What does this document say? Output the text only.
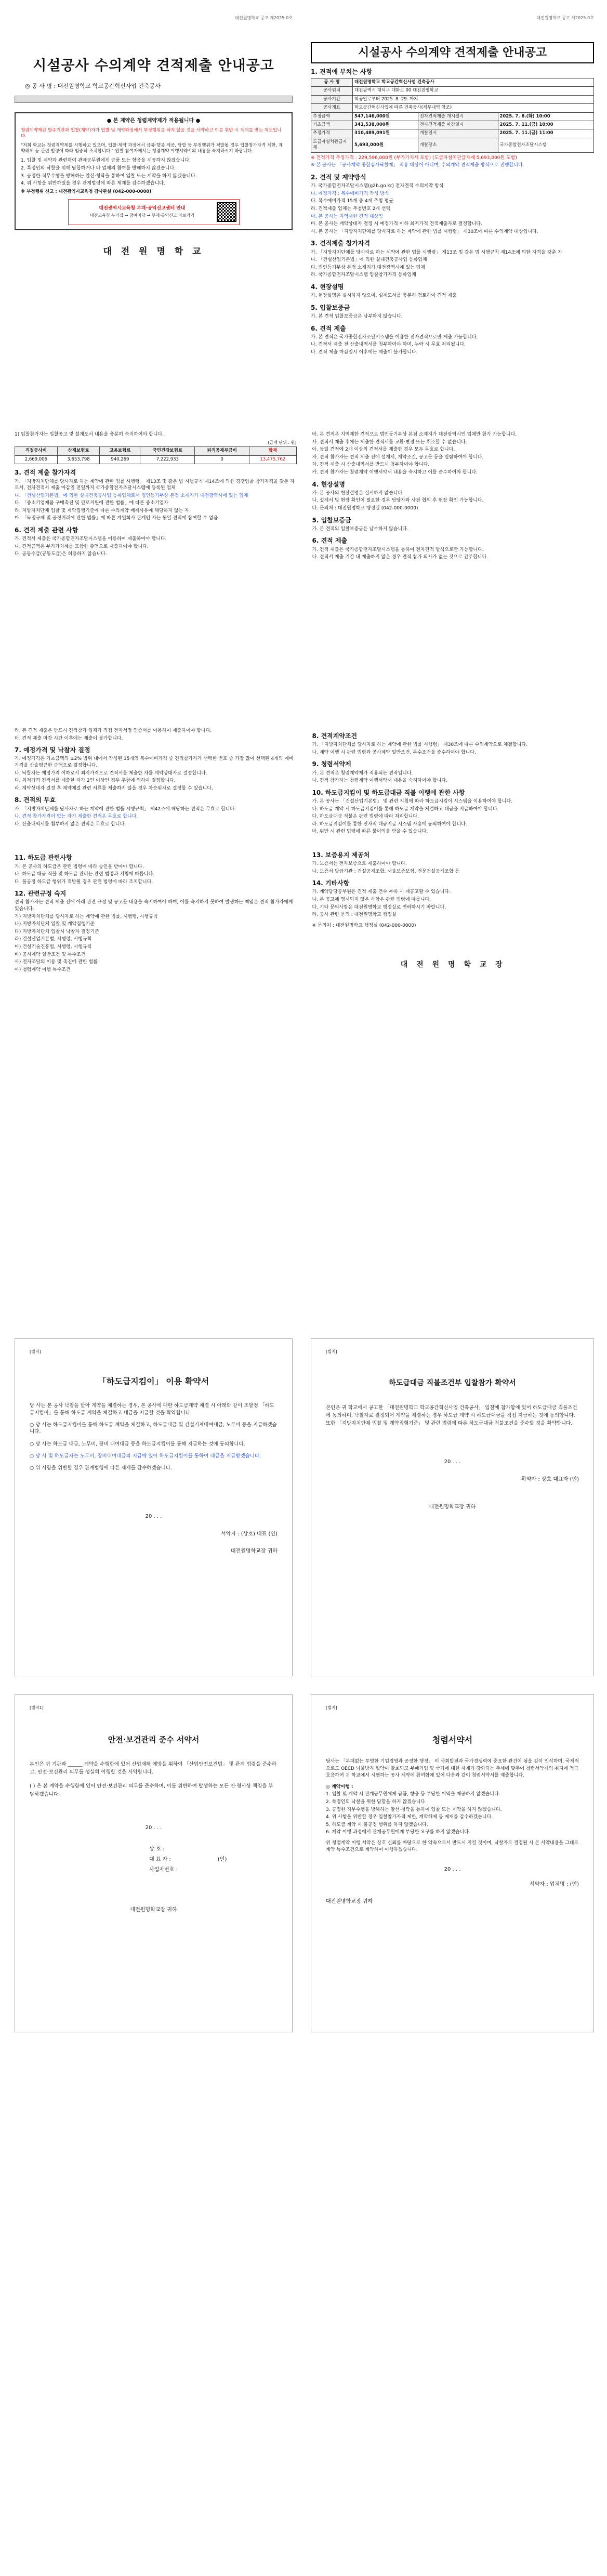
대전원명학교 공고 제2025-0호
시설공사 수의계약 견적제출 안내공고
◎ 공 사 명 : 대전원명학교 학교공간혁신사업 건축공사
● 본 계약은 청렴계약제가 적용됩니다 ●
청렴계약제란 발주기관과 입찰(계약)자가 입찰 및 계약과정에서 부정행위를 하지 않을 것을 서약하고 이를 위반 시 제재를 받는 제도입니다.
"저희 학교는 청렴계약제를 시행하고 있으며, 입찰·계약 과정에서 금품·향응 제공, 담합 등 부정행위가 적발될 경우 입찰참가자격 제한, 계약해제 등 관련 법령에 따라 엄중히 조치합니다." 입찰 참여자께서는 청렴계약 이행서약서의 내용을 숙지하시기 바랍니다.
1. 입찰 및 계약과 관련하여 관계공무원에게 금품 또는 향응을 제공하지 않겠습니다.
2. 특정인의 낙찰을 위해 담합하거나 타 업체의 참여를 방해하지 않겠습니다.
3. 공정한 직무수행을 방해하는 알선·청탁을 통하여 입찰 또는 계약을 하지 않겠습니다.
4. 위 사항을 위반하였을 경우 관계법령에 따른 제재를 감수하겠습니다.
※ 부정행위 신고 : 대전광역시교육청 감사관실 (042-000-0000)
대전광역시교육청 부패·공익신고센터 안내
대전교육청 누리집 → 참여마당 → 부패·공익신고 바로가기
대 전 원 명 학 교
대전원명학교 공고 제2025-0호
시설공사 수의계약 견적제출 안내공고
1. 견적에 부치는 사항
공 사 명	대전원명학교 학교공간혁신사업 건축공사
공사위치	대전광역시 대덕구 대화로 00 대전원명학교
공사기간	착공일로부터 2025. 8. 29. 까지
공사개요	학교공간혁신사업에 따른 건축공사(세부내역 참조)
추정금액	547,146,000원	전자견적제출 개시일시	2025. 7. 8.(화) 10:00
기초금액	341,538,000원	전자견적제출 마감일시	2025. 7. 11.(금) 10:00
추정가격	310,489,091원	개찰일시	2025. 7. 11.(금) 11:00
도급자설치관급자재	5,693,000원	개찰장소	국가종합전자조달시스템
※ 견적가격 추정가격 : 229,596,000원 (부가가치세 포함) (도급자설치관급자재 5,693,000원 포함)
※ 본 공사는 「공사계약 종합심사낙찰제」 적용 대상이 아니며, 수의계약 견적제출 방식으로 진행합니다.
2. 견적 및 계약방식
가. 국가종합전자조달시스템(g2b.go.kr) 전자견적 수의계약 방식
나. 예정가격 : 복수예비가격 작성 방식
다. 복수예비가격 15개 중 4개 추첨 평균
라. 견적제출 업체는 추첨번호 2개 선택
마. 본 공사는 지역제한 견적 대상임
바. 본 공사는 계약상대자 결정 시 예정가격 이하 최저가격 견적제출자로 결정합니다.
사. 본 공사는 「지방자치단체를 당사자로 하는 계약에 관한 법률 시행령」 제30조에 따른 수의계약 대상입니다.
3. 견적제출 참가자격
가. 「지방자치단체를 당사자로 하는 계약에 관한 법률 시행령」 제13조 및 같은 법 시행규칙 제14조에 의한 자격을 갖춘 자
나. 「건설산업기본법」에 의한 실내건축공사업 등록업체
다. 법인등기부상 본점 소재지가 대전광역시에 있는 업체
라. 국가종합전자조달시스템 입찰참가자격 등록업체
4. 현장설명
가. 현장설명은 실시하지 않으며, 설계도서를 충분히 검토하여 견적 제출
5. 입찰보증금
가. 본 견적 입찰보증금은 납부하지 않습니다.
6. 견적 제출
가. 본 견적은 국가종합전자조달시스템을 이용한 전자견적으로만 제출 가능합니다.
나. 견적서 제출 전 산출내역서를 첨부하여야 하며, 누락 시 무효 처리됩니다.
다. 견적 제출 마감일시 이후에는 제출이 불가합니다.
1) 입찰참가자는 입찰공고 및 설계도서 내용을 충분히 숙지하여야 합니다.
(금액 단위 : 원)
직접공사비	산재보험료	고용보험료	국민건강보험료	퇴직공제부금비	합계
2,669,006	3,653,798	940,269	7,222,933	0	13,475,762
3. 견적 제출 참가자격
가. 「지방자치단체를 당사자로 하는 계약에 관한 법률 시행령」 제13조 및 같은 법 시행규칙 제14조에 의한 경쟁입찰 참가자격을 갖춘 자로서, 전자견적서 제출 마감일 전일까지 국가종합전자조달시스템에 등록된 업체
나. 「건설산업기본법」에 의한 실내건축공사업 등록업체로서 법인등기부상 본점 소재지가 대전광역시에 있는 업체
다. 「중소기업제품 구매촉진 및 판로지원에 관한 법률」에 따른 중소기업자
라. 지방자치단체 입찰 및 계약집행기준에 따른 수의계약 배제사유에 해당하지 않는 자
마. 「독점규제 및 공정거래에 관한 법률」에 따른 계열회사 관계인 자는 동일 견적에 참여할 수 없음
6. 견적 제출 관련 사항
가. 견적서 제출은 국가종합전자조달시스템을 이용하여 제출하여야 합니다.
나. 견적금액은 부가가치세를 포함한 총액으로 제출하여야 합니다.
다. 공동수급(공동도급)은 허용하지 않습니다.
바. 본 견적은 지역제한 견적으로 법인등기부상 본점 소재지가 대전광역시인 업체만 참가 가능합니다.
사. 견적서 제출 후에는 제출한 견적서를 교환·변경 또는 취소할 수 없습니다.
아. 동일 견적에 2개 이상의 견적서를 제출한 경우 모두 무효로 합니다.
자. 견적 참가자는 견적 제출 전에 설계서, 계약조건, 공고문 등을 열람하여야 합니다.
차. 견적 제출 시 산출내역서를 반드시 첨부하여야 합니다.
카. 견적 참가자는 청렴계약 이행서약서 내용을 숙지하고 이를 준수하여야 합니다.
4. 현장설명
가. 본 공사의 현장설명은 실시하지 않습니다.
나. 설계서 및 현장 확인이 필요한 경우 담당자와 사전 협의 후 현장 확인 가능합니다.
다. 문의처 : 대전원명학교 행정실 (042-000-0000)
5. 입찰보증금
가. 본 견적의 입찰보증금은 납부하지 않습니다.
6. 견적 제출
가. 견적 제출은 국가종합전자조달시스템을 통하여 전자견적 방식으로만 가능합니다.
나. 견적서 제출 기간 내 제출하지 않은 경우 견적 참가 의사가 없는 것으로 간주합니다.
라. 본 견적 제출은 반드시 견적참가 업체가 직접 전자서명 인증서를 이용하여 제출하여야 합니다.
마. 견적 제출 마감 시간 이후에는 제출이 불가합니다.
7. 예정가격 및 낙찰자 결정
가. 예정가격은 기초금액의 ±2% 범위 내에서 작성된 15개의 복수예비가격 중 견적참가자가 선택한 번호 중 가장 많이 선택된 4개의 예비가격을 산술평균한 금액으로 결정합니다.
나. 낙찰자는 예정가격 이하로서 최저가격으로 견적서를 제출한 자를 계약상대자로 결정합니다.
다. 최저가격 견적서를 제출한 자가 2인 이상인 경우 추첨에 의하여 결정합니다.
라. 계약상대자 결정 후 계약체결 관련 서류를 제출하지 않을 경우 차순위자로 결정할 수 있습니다.
8. 견적의 무효
가. 「지방자치단체를 당사자로 하는 계약에 관한 법률 시행규칙」 제42조에 해당하는 견적은 무효로 합니다.
나. 견적 참가자격이 없는 자가 제출한 견적은 무효로 합니다.
다. 산출내역서를 첨부하지 않은 견적은 무효로 합니다.
11. 하도급 관련사항
가. 본 공사의 하도급은 관련 법령에 따라 승인을 받아야 합니다.
나. 하도급 대금 직불 및 하도급 관리는 관련 법령과 지침에 따릅니다.
다. 불공정 하도급 행위가 적발될 경우 관련 법령에 따라 조치합니다.
12. 관련규정 숙지
견적 참가자는 견적 제출 전에 아래 관련 규정 및 공고문 내용을 숙지하여야 하며, 이를 숙지하지 못하여 발생하는 책임은 견적 참가자에게 있습니다.
가) 지방자치단체를 당사자로 하는 계약에 관한 법률, 시행령, 시행규칙
나) 지방자치단체 입찰 및 계약집행기준
다) 지방자치단체 입찰시 낙찰자 결정기준
라) 건설산업기본법, 시행령, 시행규칙
마) 건설기술진흥법, 시행령, 시행규칙
바) 공사계약 일반조건 및 특수조건
사) 전자조달의 이용 및 촉진에 관한 법률
아) 청렴계약 이행 특수조건
8. 견적계약조건
가. 「지방자치단체를 당사자로 하는 계약에 관한 법률 시행령」 제30조에 따른 수의계약으로 체결합니다.
나. 계약 이행 시 관련 법령과 공사계약 일반조건, 특수조건을 준수하여야 합니다.
9. 청렴서약제
가. 본 견적은 청렴계약제가 적용되는 견적입니다.
나. 견적 참가자는 청렴계약 이행서약서 내용을 숙지하여야 합니다.
10. 하도급지킴이 및 하도급대금 직불 이행에 관한 사항
가. 본 공사는 「건설산업기본법」 및 관련 지침에 따라 하도급지킴이 시스템을 이용하여야 합니다.
나. 하도급 계약 시 하도급지킴이를 통해 하도급 계약을 체결하고 대금을 지급하여야 합니다.
다. 하도급대금 직불은 관련 법령에 따라 처리합니다.
라. 하도급지킴이를 통한 전자적 대금지급 시스템 사용에 동의하여야 합니다.
마. 위반 시 관련 법령에 따른 불이익을 받을 수 있습니다.
13. 보증용지 제공처
가. 보증서는 전자보증으로 제출하여야 합니다.
나. 보증서 발급기관 : 건설공제조합, 서울보증보험, 전문건설공제조합 등
14. 기타사항
가. 계약담당공무원은 견적 제출 건수 부족 시 재공고할 수 있습니다.
나. 본 공고에 명시되지 않은 사항은 관련 법령에 따릅니다.
다. 기타 문의사항은 대전원명학교 행정실로 연락하시기 바랍니다.
라. 공사 관련 문의 : 대전원명학교 행정실
※ 문의처 : 대전원명학교 행정실 (042-000-0000)
대 전 원 명 학 교 장
[별지]
「하도급지킴이」 이용 확약서
당 사는 본 공사 낙찰을 받아 계약을 체결하는 경우, 본 공사에 대한 하도급계약 체결 시 아래와 같이 조달청 「하도급지킴이」를 통해 하도급 계약을 체결하고 대금을 지급할 것을 확약합니다.
○ 당 사는 하도급지킴이를 통해 하도급 계약을 체결하고, 하도급대금 및 건설기계대여대금, 노무비 등을 지급하겠습니다.
○ 당 사는 하도급 대금, 노무비, 장비 대여대금 등을 하도급지킴이를 통해 지급하는 것에 동의합니다.
○ 당 사 및 하도급자는 노무비, 장비대여대금의 지급에 있어 하도급지킴이를 통하여 대금을 지급받겠습니다.
○ 위 사항을 위반할 경우 관계법령에 따른 제재를 감수하겠습니다.
20 . . .
서약자 : (상호) 대표 (인)
대전원명학교장 귀하
[별지]
하도급대금 직불조건부 입찰참가 확약서
본인은 귀 학교에서 공고한 「대전원명학교 학교공간혁신사업 건축공사」 입찰에 참가함에 있어 하도급대금 직불조건에 동의하며, 낙찰자로 결정되어 계약을 체결하는 경우 하도급 계약 시 하도급대금을 직접 지급하는 것에 동의합니다. 또한 「지방자치단체 입찰 및 계약집행기준」 및 관련 법령에 따른 하도급대금 직불조건을 준수할 것을 확약합니다.
20 . . .
확약자 : 상호 대표자 (인)
대전원명학교장 귀하
[별지1]
안전·보건관리 준수 서약서
본인은 귀 기관과 ______ 계약을 수행함에 있어 산업재해 예방을 위하여 「산업안전보건법」 및 관계 법령을 준수하고, 안전·보건관리 의무를 성실히 이행할 것을 서약합니다.
( ) 은 본 계약을 수행함에 있어 안전·보건관리 의무를 준수하며, 이를 위반하여 발생하는 모든 민·형사상 책임을 부담하겠습니다.
20 . . .
상 호 :
대 표 자 :	(인)
사업자번호 :
대전원명학교장 귀하
[별지]
청렴서약서
당사는 「부패없는 투명한 기업경영과 공정한 행정」 이 사회발전과 국가경쟁력에 중요한 관건이 됨을 깊이 인식하며, 국제적으로도 OECD 뇌물방지 협약이 발효되고 부패기업 및 국가에 대한 제재가 강화되는 추세에 맞추어 청렴서약제의 취지에 적극 호응하여 귀 학교에서 시행하는 공사 계약에 참여함에 있어 다음과 같이 청렴서약서를 제출합니다.
◎ 계약이행 :
1. 입찰 및 계약 시 관계공무원에게 금품, 향응 등 부당한 이익을 제공하지 않겠습니다.
2. 특정인의 낙찰을 위한 담합을 하지 않겠습니다.
3. 공정한 직무수행을 방해하는 알선·청탁을 통하여 입찰 또는 계약을 하지 않겠습니다.
4. 위 사항을 위반할 경우 입찰참가자격 제한, 계약해제 등 제재를 감수하겠습니다.
5. 하도급 계약 시 불공정 행위를 하지 않겠습니다.
6. 계약 이행 과정에서 관계공무원에게 부당한 요구를 하지 않겠습니다.
위 청렴계약 이행 서약은 상호 신뢰를 바탕으로 한 약속으로서 반드시 지킬 것이며, 낙찰자로 결정될 시 본 서약내용을 그대로 계약 특수조건으로 계약하여 이행하겠습니다.
20 . . .
서약자 : 업체명 : (인)
대전원명학교장 귀하
